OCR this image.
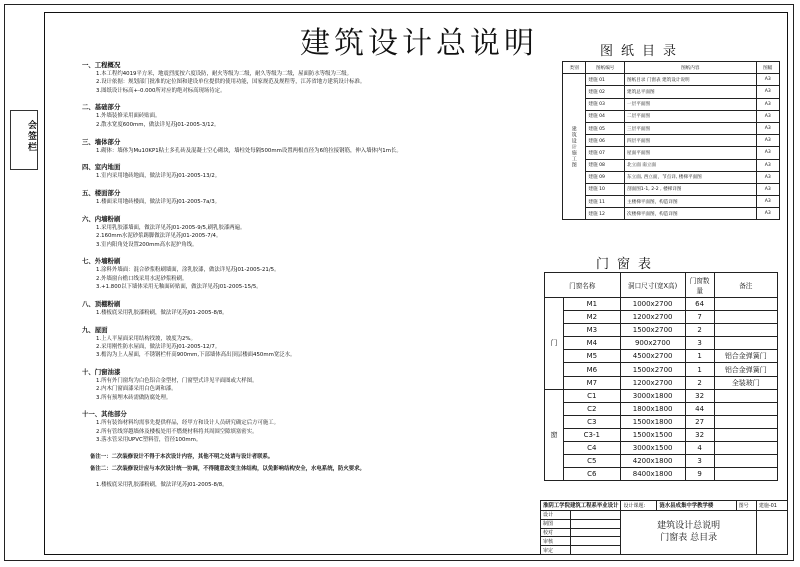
会签栏
建筑设计总说明
一、工程概况
1.本工程约4019平方米，地震烈度按六度设防，耐火等级为二级，耐久等级为二级，屋面防水等级为三级。
2.设计依据：规划部门批准的定位图和建设单位提供的使用功能，国家规范及规程等，江苏省地方建筑设计标准。
3.图纸设计标高+-0.000所对应的绝对标高现场待定。
二、基础部分
1.外墙装修采用面砖贴面。
2.散水宽度600mm，做法详见苏J01-2005-3/12。
三、墙体部分
1.砌体：墙体为Mu10KP1粘土多孔砖及混凝土空心砌块，墙柱处每隔500mm设置两根直径为6的拉接钢筋，伸入墙体内1m长。
四、室内地面
1.室内采用地砖地面，做法详见苏J01-2005-13/2。
五、楼面部分
1.楼面采用地砖楼面，做法详见苏J01-2005-7a/3。
六、内墙粉刷
1.采用乳胶漆墙面，做法详见苏J01-2005-9/5,刷乳胶漆两遍。
2.160mm水泥砂浆踢脚做法详见苏J01-2005-7/4。
3.室内阳角处设置200mm高水泥护角线。
七、外墙粉刷
1.涂料外墙面：混合砂浆粉刷墙面，涂乳胶漆，做法详见苏J01-2005-21/5。
2.外墙窗台檐口线采用水泥砂浆粉刷。
3.+1.800以下墙体采用无釉面砖贴面，做法详见苏J01-2005-15/5。
八、顶棚粉刷
1.楼板底采用乳胶漆粉刷，做法详见苏J01-2005-8/8。
九、屋面
1.上人平屋面采用结构找坡，坡度为2%。
2.采用刚性防水屋面，做法详见苏J01-2005-12/7。
3.檐沟为上人屋面，不锈钢栏杆高900mm,下部墙体高出顶层楼面450mm宽泛水。
十、门窗油漆
1.所有外门窗均为白色铝合金型材，门窗型式详见平面图或大样图。
2.内木门窗面漆采用白色调和漆。
3.所有预埋木砖需做防腐处理。
十一、其他部分
1.所有装饰材料均需事先提供样品，经甲方和设计人员研究确定后方可施工。
2.所有管线穿越墙体及楼板处用不燃烧材料将其周围空隙填塞密实。
3.落水管采用UPVC塑料管，管径100mm。
备注一：二次装修设计不得于本次设计内容，其他不明之处请与设计者联系。
备注二：二次装修设计应与本次设计统一协调，不得随意改变主体结构，以免影响结构安全，水电系统，防火要求。
1.楼板底采用乳胶漆粉刷，做法详见苏J01-2005-8/8。
图纸目录
类别	图纸编号	图纸内容	图幅
建筑设计施工图	建施 01	图纸目录 门窗表 建筑设计说明	A3
	建施 02	建筑总平面图	A3
	建施 03	一层平面图	A3
	建施 04	二层平面图	A3
	建施 05	三层平面图	A3
	建施 06	四层平面图	A3
	建施 07	屋面平面图	A3
	建施 08	北立面 南立面	A3
	建施 09	东立面, 西立面，节点详, 楼梯平面图	A3
	建施 10	剖面图1-1, 2-2 , 楼梯详图	A3
	建施 11	主楼梯平面图，构造详图	A3
	建施 12	次楼梯平面图，构造详图	A3
门窗表
门窗名称		洞口尺寸(宽X高)	门窗数量	备注
门	M1	1000x2700	64	
	M2	1200x2700	7	
	M3	1500x2700	2	
	M4	900x2700	3	
	M5	4500x2700	1	铝合金弹簧门
	M6	1500x2700	1	铝合金弹簧门
	M7	1200x2700	2	全装玻门
窗	C1	3000x1800	32	
	C2	1800x1800	44	
	C3	1500x1800	27	
	C3-1	1500x1500	32	
	C4	3000x1500	4	
	C5	4200x1800	3	
	C6	8400x1800	9	
淮阴工学院建筑工程系毕业设计		设计课题:	涟水县成集中学教学楼	图号	建施-01
设计		建筑设计总说明
门窗表 总目录			

制图					
校对					
审核					
审定					
